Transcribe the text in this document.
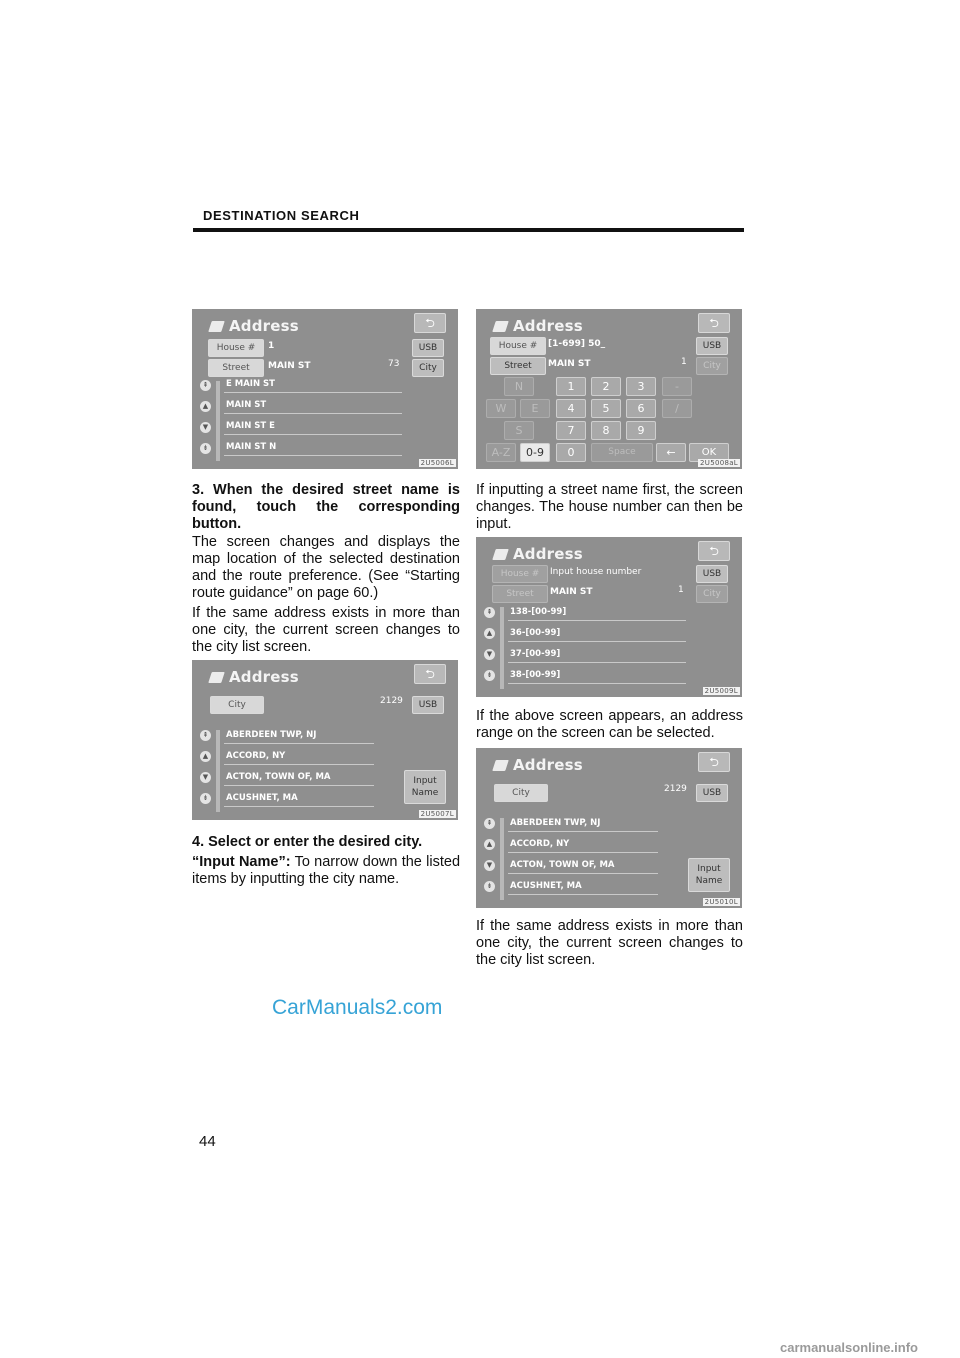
DESTINATION SEARCH
Address	⮌
House #	1	USB
Street	MAIN ST	73	City
⇞
▲
▼
⇟
E MAIN ST
MAIN ST
MAIN ST E
MAIN ST N
2U5006L
Address	⮌
House #	[1-699] 50_	USB
Street	MAIN ST	1	City
N
W	E
S
A-Z	0-9
1	2	3	-
4	5	6	/
7	8	9
0	Space	←	OK
2U5008aL
3. When the desired street name is found, touch the corresponding button.
The screen changes and displays the map location of the selected destination and the route preference. (See “Starting route guidance” on page 60.)
If the same address exists in more than one city, the current screen changes to the city list screen.
Address	⮌
City	2129	USB
⇞
▲
▼
⇟
ABERDEEN TWP, NJ
ACCORD, NY
ACTON, TOWN OF, MA
ACUSHNET, MA
Input
Name
2U5007L
4. Select or enter the desired city.
“Input Name”: To narrow down the listed items by inputting the city name.
If inputting a street name first, the screen changes. The house number can then be input.
Address	⮌
House #	Input house number	USB
Street	MAIN ST	1	City
⇞
▲
▼
⇟
138-[00-99]
36-[00-99]
37-[00-99]
38-[00-99]
2U5009L
If the above screen appears, an address range on the screen can be selected.
Address	⮌
City	2129	USB
⇞
▲
▼
⇟
ABERDEEN TWP, NJ
ACCORD, NY
ACTON, TOWN OF, MA
ACUSHNET, MA
Input
Name
2U5010L
If the same address exists in more than one city, the current screen changes to the city list screen.
CarManuals2.com
44
carmanualsonline.info
